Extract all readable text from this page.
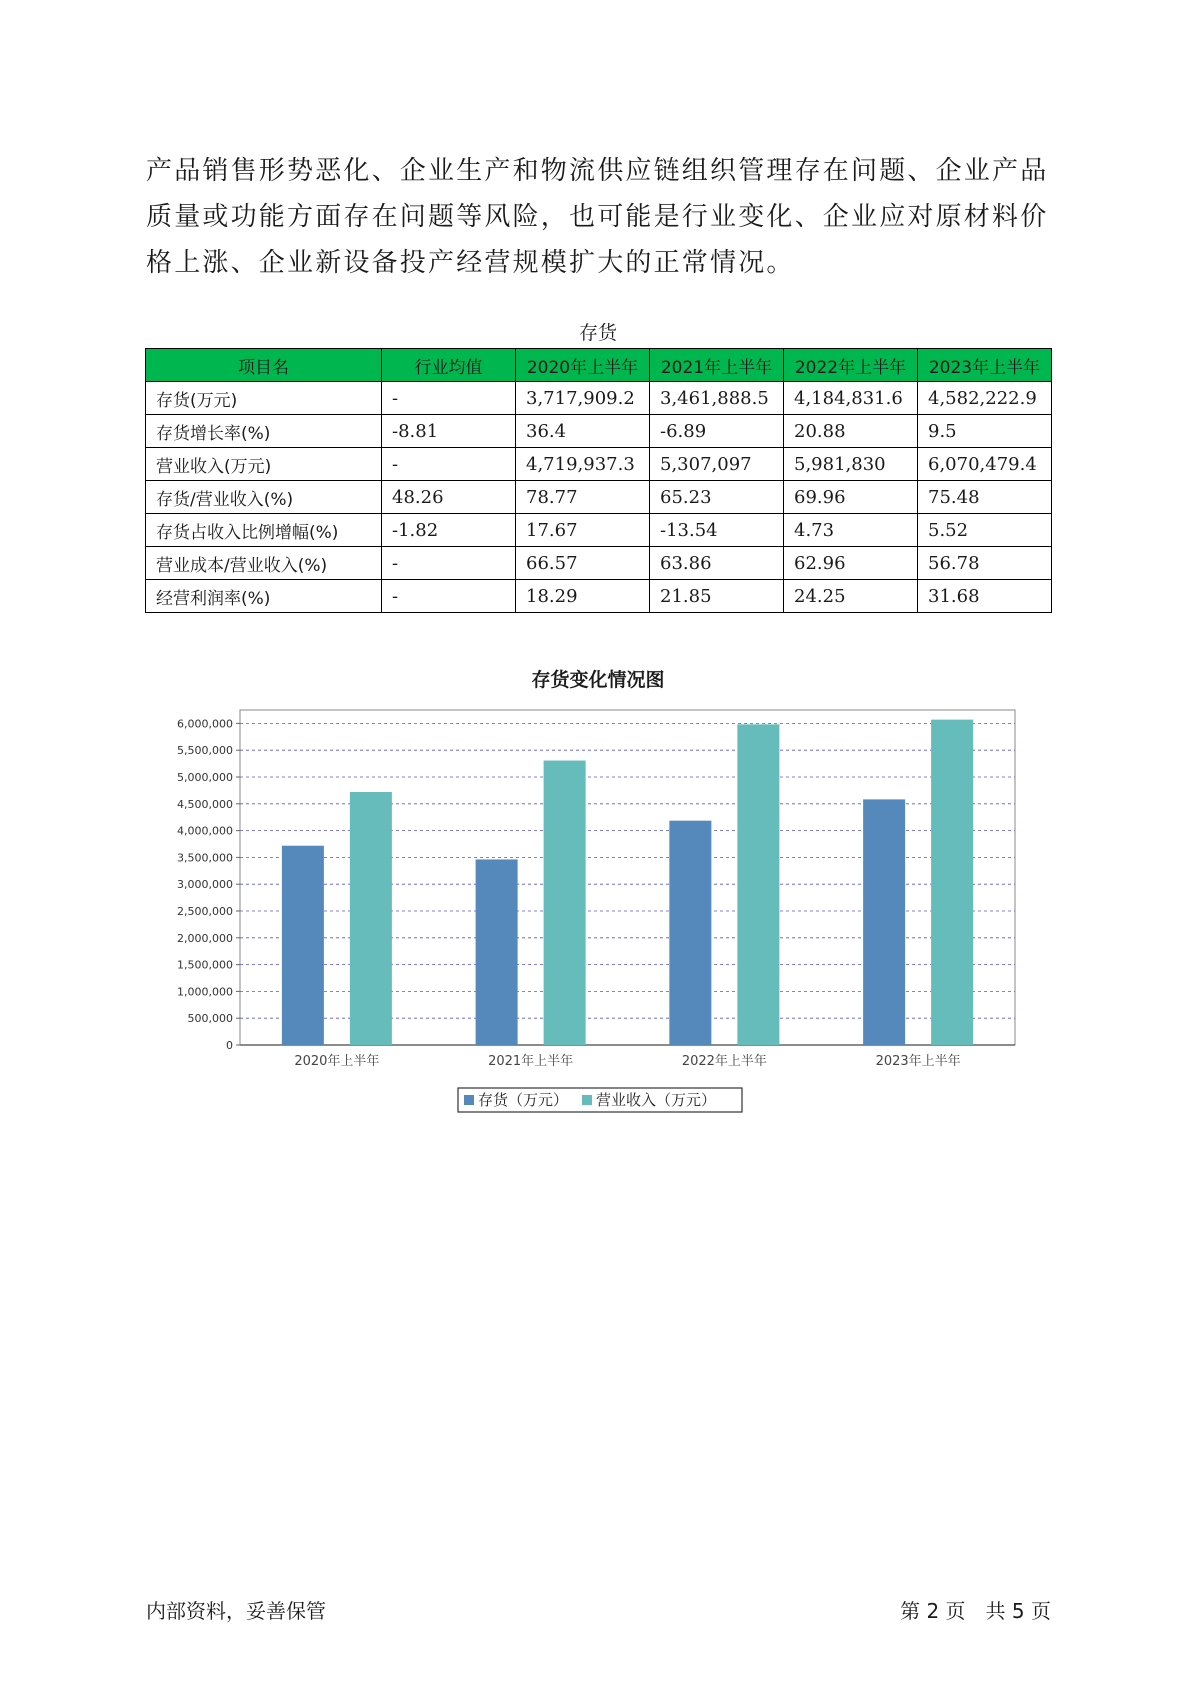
产品销售形势恶化、企业生产和物流供应链组织管理存在问题、企业产品

质量或功能方面存在问题等风险，也可能是行业变化、企业应对原材料价

格上涨、企业新设备投产经营规模扩大的正常情况。

存货
项目名	行业均值	2020年上半年	2021年上半年	2022年上半年	2023年上半年
存货(万元)	-	3,717,909.2	3,461,888.5	4,184,831.6	4,582,222.9
存货增长率(%)	-8.81	36.4	-6.89	20.88	9.5
营业收入(万元)	-	4,719,937.3	5,307,097	5,981,830	6,070,479.4
存货/营业收入(%)	48.26	78.77	65.23	69.96	75.48
存货占收入比例增幅(%)	-1.82	17.67	-13.54	4.73	5.52
营业成本/营业收入(%)	-	66.57	63.86	62.96	56.78
经营利润率(%)	-	18.29	21.85	24.25	31.68
存货变化情况图
0
500,000
1,000,000
1,500,000
2,000,000
2,500,000
3,000,000
3,500,000
4,000,000
4,500,000
5,000,000
5,500,000
6,000,000
2020年上半年	2021年上半年	2022年上半年	2023年上半年
存货（万元） 营业收入（万元）
内部资料，妥善保管	第 2 页　共 5 页
